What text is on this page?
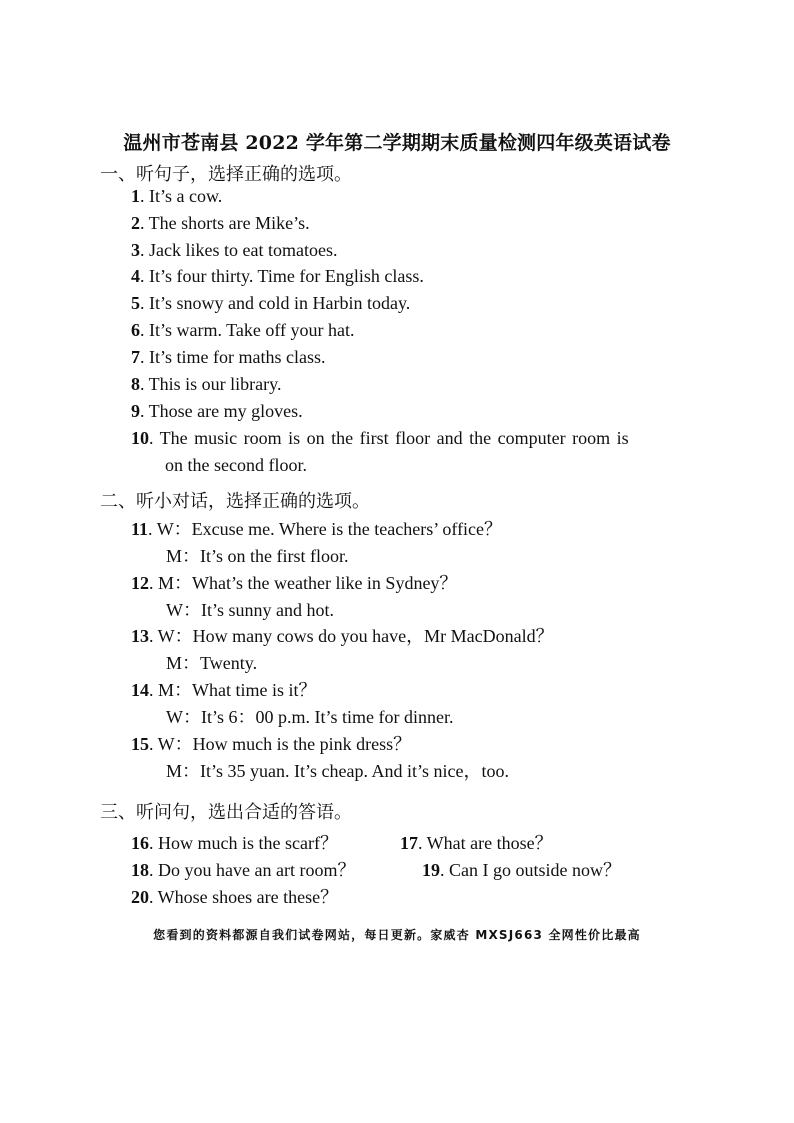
温州市苍南县 2022 学年第二学期期末质量检测四年级英语试卷
一、听句子，选择正确的选项。
1. It’s a cow.
2. The shorts are Mike’s.
3. Jack likes to eat tomatoes.
4. It’s four thirty. Time for English class.
5. It’s snowy and cold in Harbin today.
6. It’s warm. Take off your hat.
7. It’s time for maths class.
8. This is our library.
9. Those are my gloves.
10. The music room is on the first floor and the computer room is
on the second floor.
二、听小对话，选择正确的选项。
11. W：Excuse me. Where is the teachers’ office？
M：It’s on the first floor.
12. M：What’s the weather like in Sydney？
W：It’s sunny and hot.
13. W：How many cows do you have，Mr MacDonald？
M：Twenty.
14. M：What time is it？
W：It’s 6：00 p.m. It’s time for dinner.
15. W：How much is the pink dress？
M：It’s 35 yuan. It’s cheap. And it’s nice，too.
三、听问句，选出合适的答语。
16. How much is the scarf？	17. What are those？
18. Do you have an art room？	19. Can I go outside now？
20. Whose shoes are these？
您看到的资料都源自我们试卷网站，每日更新。家威杏 MXSJ663 全网性价比最高
